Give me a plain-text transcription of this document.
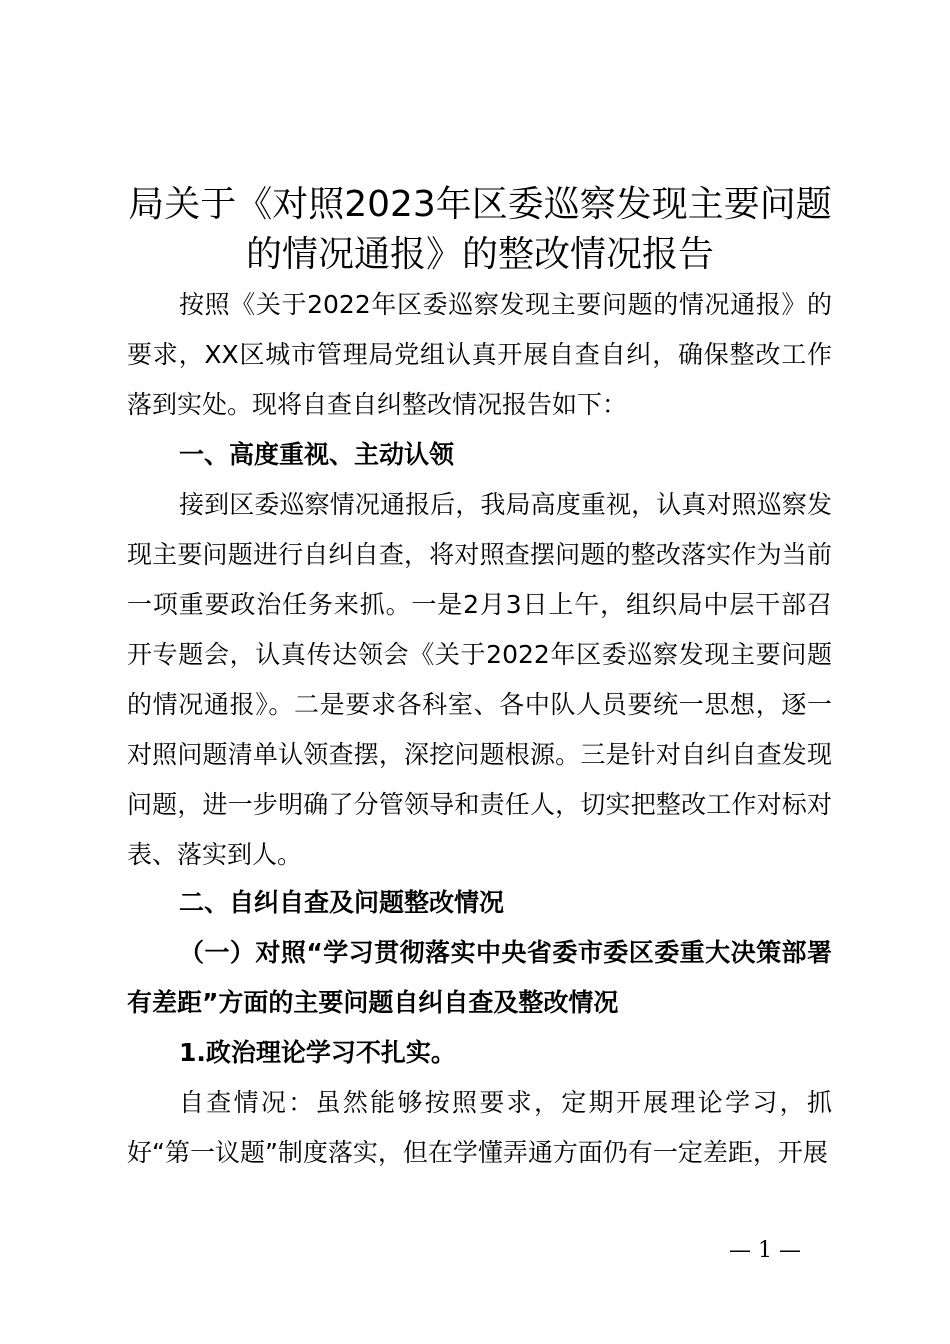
局关于《对照2023年区委巡察发现主要问题
的情况通报》的整改情况报告

按照《关于2022年区委巡察发现主要问题的情况通报》的要求，XX区城市管理局党组认真开展自查自纠，确保整改工作落到实处。现将自查自纠整改情况报告如下：

一、高度重视、主动认领

接到区委巡察情况通报后，我局高度重视，认真对照巡察发现主要问题进行自纠自查，将对照查摆问题的整改落实作为当前一项重要政治任务来抓。一是2月3日上午，组织局中层干部召开专题会，认真传达领会《关于2022年区委巡察发现主要问题的情况通报》。二是要求各科室、各中队人员要统一思想，逐一对照问题清单认领查摆，深挖问题根源。三是针对自纠自查发现问题，进一步明确了分管领导和责任人，切实把整改工作对标对表、落实到人。

二、自纠自查及问题整改情况

（一）对照“学习贯彻落实中央省委市委区委重大决策部署有差距”方面的主要问题自纠自查及整改情况

1.政治理论学习不扎实。

自查情况：虽然能够按照要求，定期开展理论学习，抓好“第一议题”制度落实，但在学懂弄通方面仍有一定差距，开展

— 1 —
